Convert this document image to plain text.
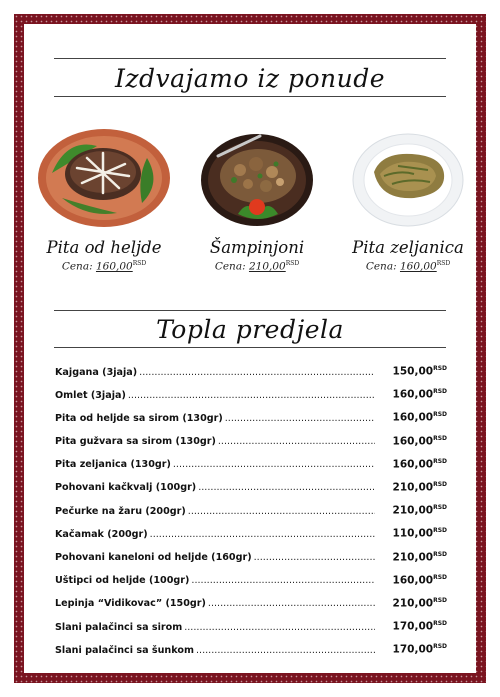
Izdvajamo iz ponude
Pita od heljde
Cena: $160,00^{RSD}$
Šampinjoni
Cena: $210,00^{RSD}$
Pita zeljanica
Cena: $160,00^{RSD}$
Topla predjela
Kajgana (3jaja) .....	$150,00^{RSD}$
Omlet (3jaja) .....	$160,00^{RSD}$
Pita od heljde sa sirom (130gr) .....	$160,00^{RSD}$
Pita gužvara sa sirom (130gr) .....	$160,00^{RSD}$
Pita zeljanica (130gr) .....	$160,00^{RSD}$
Pohovani kačkvalj (100gr) .....	$210,00^{RSD}$
Pečurke na žaru (200gr) .....	$210,00^{RSD}$
Kačamak (200gr) .....	$110,00^{RSD}$
Pohovani kaneloni od heljde (160gr) .....	$210,00^{RSD}$
Uštipci od heljde (100gr) .....	$160,00^{RSD}$
Lepinja “Vidikovac” (150gr) .....	$210,00^{RSD}$
Slani palačinci sa sirom .....	$170,00^{RSD}$
Slani palačinci sa šunkom .....	$170,00^{RSD}$
